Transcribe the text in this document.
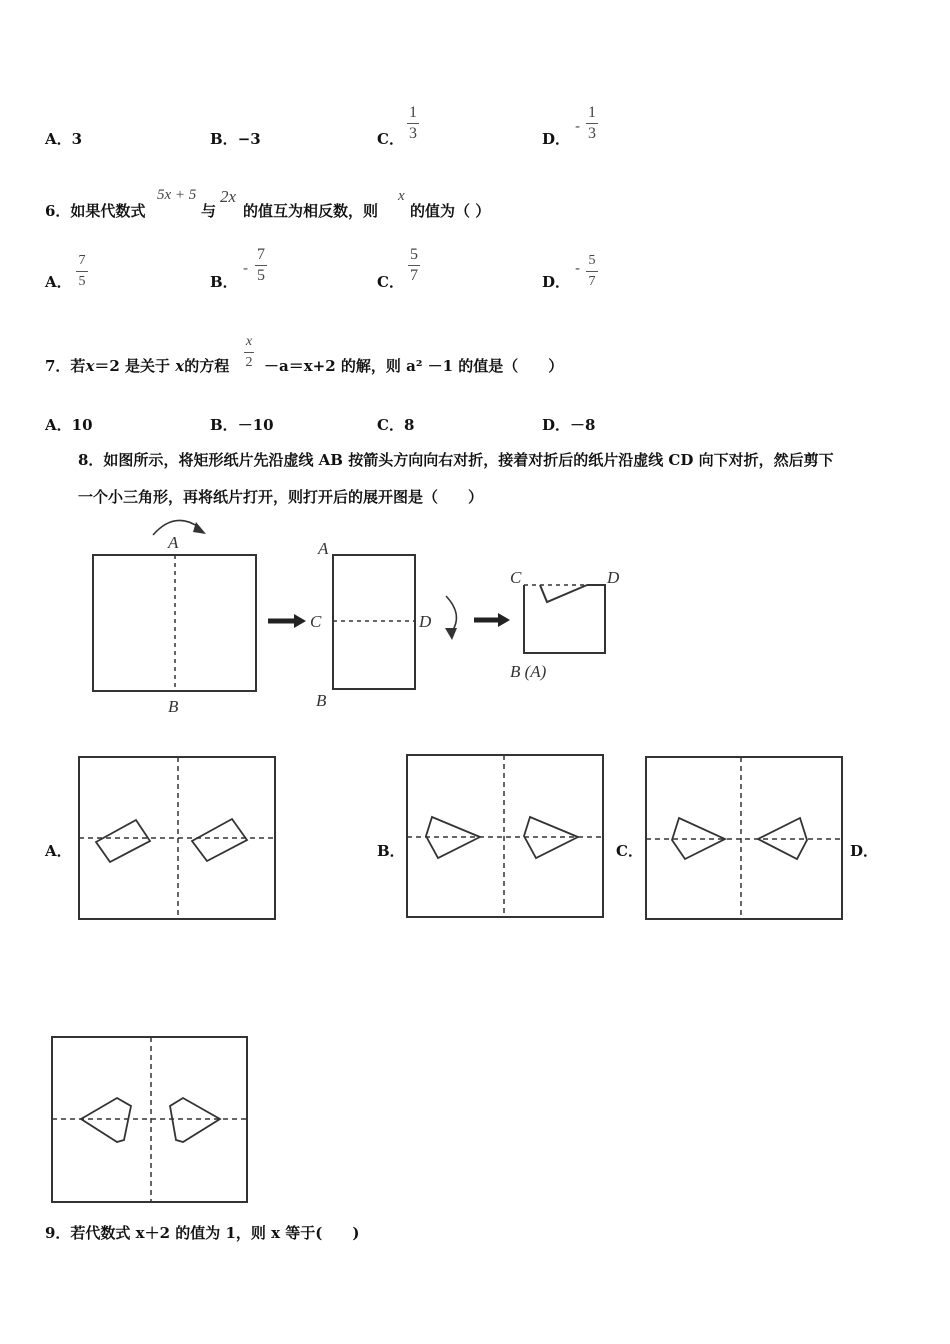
A．3	B．−3	C．
1
3	D．
-
1
3
6．如果代数式
5x + 5
与
2x
的值互为相反数，则
x
的值为（ ）
A．
7
5	B．
-
7
5	C．
5
7	D．
- 5
7
7．若x＝2 是关于 x的方程
x
2 －a＝x+2 的解，则 a² －1 的值是（　　）
A．10	B．－10	C．8	D．－8
8．如图所示，将矩形纸片先沿虚线 AB 按箭头方向向右对折，接着对折后的纸片沿虚线 CD 向下对折，然后剪下
一个小三角形，再将纸片打开，则打开后的展开图是（　　）
A
B
A
C	D
B
C	D
B (A)
A．	B．	C．	D．
9．若代数式 x＋2 的值为 1，则 x 等于(　　)
